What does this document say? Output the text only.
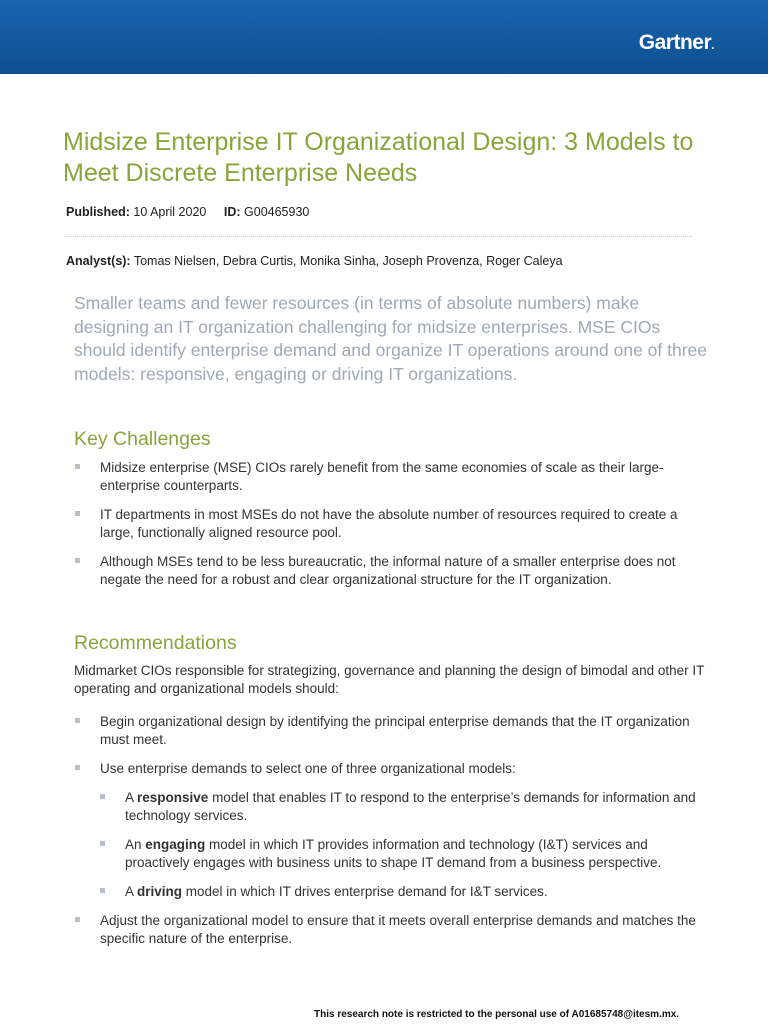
Gartner.
Midsize Enterprise IT Organizational Design: 3 Models to Meet Discrete Enterprise Needs
Published: 10 April 2020 ID: G00465930
Analyst(s): Tomas Nielsen, Debra Curtis, Monika Sinha, Joseph Provenza, Roger Caleya

Smaller teams and fewer resources (in terms of absolute numbers) make designing an IT organization challenging for midsize enterprises. MSE CIOs should identify enterprise demand and organize IT operations around one of three models: responsive, engaging or driving IT organizations.

Key Challenges
Midsize enterprise (MSE) CIOs rarely benefit from the same economies of scale as their large-enterprise counterparts.
IT departments in most MSEs do not have the absolute number of resources required to create a large, functionally aligned resource pool.
Although MSEs tend to be less bureaucratic, the informal nature of a smaller enterprise does not negate the need for a robust and clear organizational structure for the IT organization.
Recommendations

Midmarket CIOs responsible for strategizing, governance and planning the design of bimodal and other IT operating and organizational models should:

Begin organizational design by identifying the principal enterprise demands that the IT organization must meet.
Use enterprise demands to select one of three organizational models:
A responsive model that enables IT to respond to the enterprise’s demands for information and technology services.
An engaging model in which IT provides information and technology (I&T) services and proactively engages with business units to shape IT demand from a business perspective.
A driving model in which IT drives enterprise demand for I&T services.
Adjust the organizational model to ensure that it meets overall enterprise demands and matches the specific nature of the enterprise.
This research note is restricted to the personal use of A01685748@itesm.mx.
